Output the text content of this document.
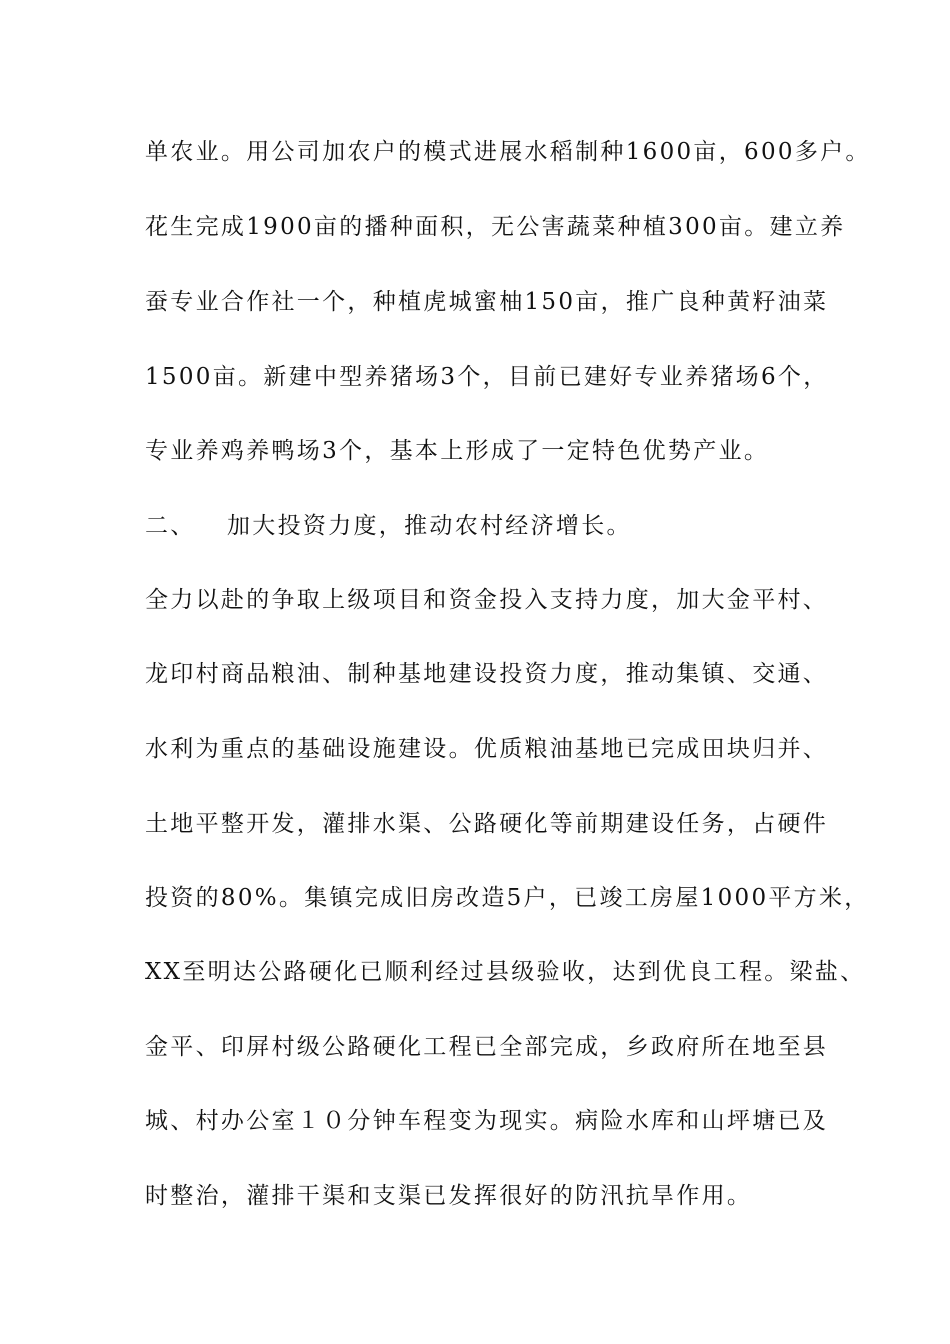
单农业。用公司加农户的模式进展水稻制种1600亩，600多户。
花生完成1900亩的播种面积，无公害蔬菜种植300亩。建立养
蚕专业合作社一个，种植虎城蜜柚150亩，推广良种黄籽油菜
1500亩。新建中型养猪场3个，目前已建好专业养猪场6个，
专业养鸡养鸭场3个，基本上形成了一定特色优势产业。
二、 加大投资力度，推动农村经济增长。
全力以赴的争取上级项目和资金投入支持力度，加大金平村、
龙印村商品粮油、制种基地建设投资力度，推动集镇、交通、
水利为重点的基础设施建设。优质粮油基地已完成田块归并、
土地平整开发，灌排水渠、公路硬化等前期建设任务，占硬件
投资的80%。集镇完成旧房改造5户，已竣工房屋1000平方米，
XX至明达公路硬化已顺利经过县级验收，达到优良工程。梁盐、
金平、印屏村级公路硬化工程已全部完成，乡政府所在地至县
城、村办公室１０分钟车程变为现实。病险水库和山坪塘已及
时整治，灌排干渠和支渠已发挥很好的防汛抗旱作用。
